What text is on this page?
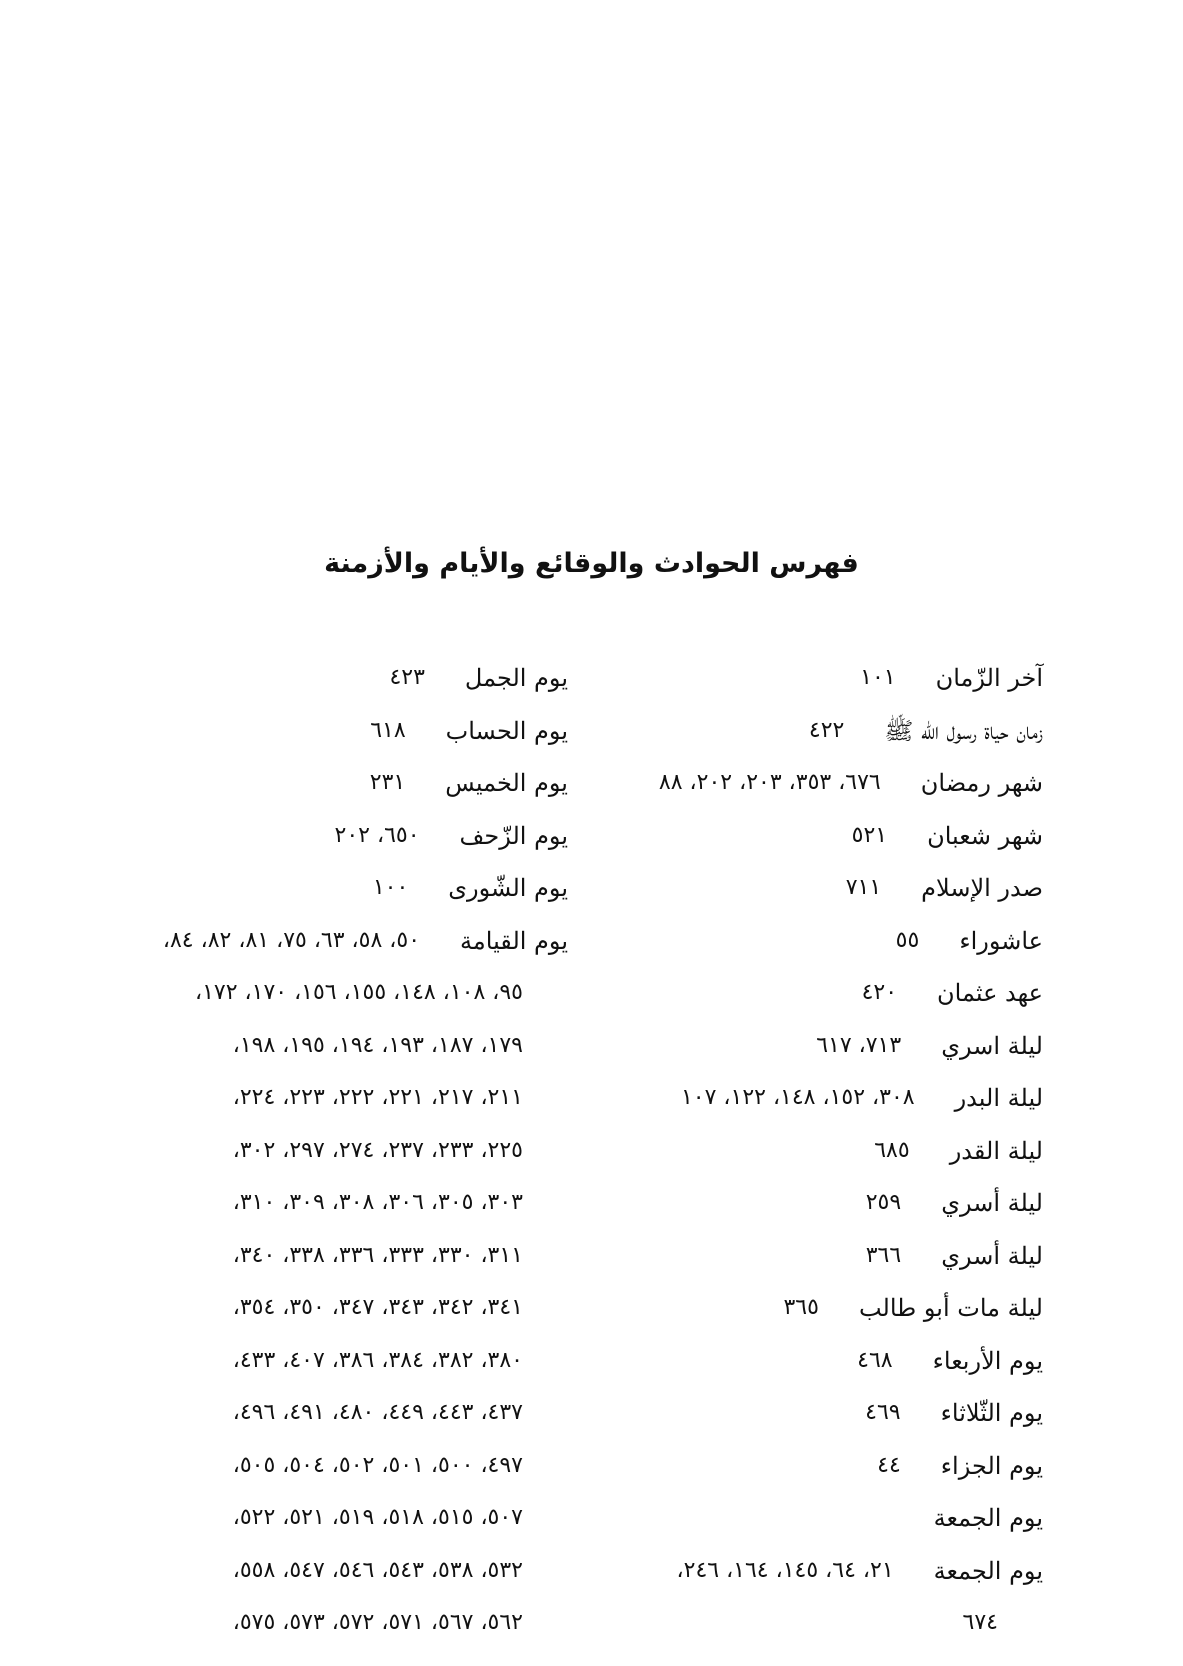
فهرس الحوادث والوقائع والأيام والأزمنة
آخر الزّمان
١٠١
زمان حياة رسول الله ﷺ
٤٢٢
شهر رمضان
٦٧٦، ٣٥٣، ٢٠٣، ٢٠٢، ٨٨
شهر شعبان
٥٢١
صدر الإسلام
٧١١
عاشوراء
٥٥
عهد عثمان
٤٢٠
ليلة اسري
٧١٣، ٦١٧
ليلة البدر
٣٠٨، ١٥٢، ١٤٨، ١٢٢، ١٠٧
ليلة القدر
٦٨٥
ليلة أسري
٢٥٩
ليلة أسري
٣٦٦
ليلة مات أبو طالب
٣٦٥
يوم الأربعاء
٤٦٨
يوم الثّلاثاء
٤٦٩
يوم الجزاء
٤٤
يوم الجمعة
يوم الجمعة
٢١، ٦٤، ١٤٥، ١٦٤، ٢٤٦،
٦٧٤
يوم الجمل
٤٢٣
يوم الحساب
٦١٨
يوم الخميس
٢٣١
يوم الزّحف
٦٥٠، ٢٠٢
يوم الشّورى
١٠٠
يوم القيامة
٥٠، ٥٨، ٦٣، ٧٥، ٨١، ٨٢، ٨٤،
٩٥، ١٠٨، ١٤٨، ١٥٥، ١٥٦، ١٧٠، ١٧٢،
١٧٩، ١٨٧، ١٩٣، ١٩٤، ١٩٥، ١٩٨،
٢١١، ٢١٧، ٢٢١، ٢٢٢، ٢٢٣، ٢٢٤،
٢٢٥، ٢٣٣، ٢٣٧، ٢٧٤، ٢٩٧، ٣٠٢،
٣٠٣، ٣٠٥، ٣٠٦، ٣٠٨، ٣٠٩، ٣١٠،
٣١١، ٣٣٠، ٣٣٣، ٣٣٦، ٣٣٨، ٣٤٠،
٣٤١، ٣٤٢، ٣٤٣، ٣٤٧، ٣٥٠، ٣٥٤،
٣٨٠، ٣٨٢، ٣٨٤، ٣٨٦، ٤٠٧، ٤٣٣،
٤٣٧، ٤٤٣، ٤٤٩، ٤٨٠، ٤٩١، ٤٩٦،
٤٩٧، ٥٠٠، ٥٠١، ٥٠٢، ٥٠٤، ٥٠٥،
٥٠٧، ٥١٥، ٥١٨، ٥١٩، ٥٢١، ٥٢٢،
٥٣٢، ٥٣٨، ٥٤٣، ٥٤٦، ٥٤٧، ٥٥٨،
٥٦٢، ٥٦٧، ٥٧١، ٥٧٢، ٥٧٣، ٥٧٥،
